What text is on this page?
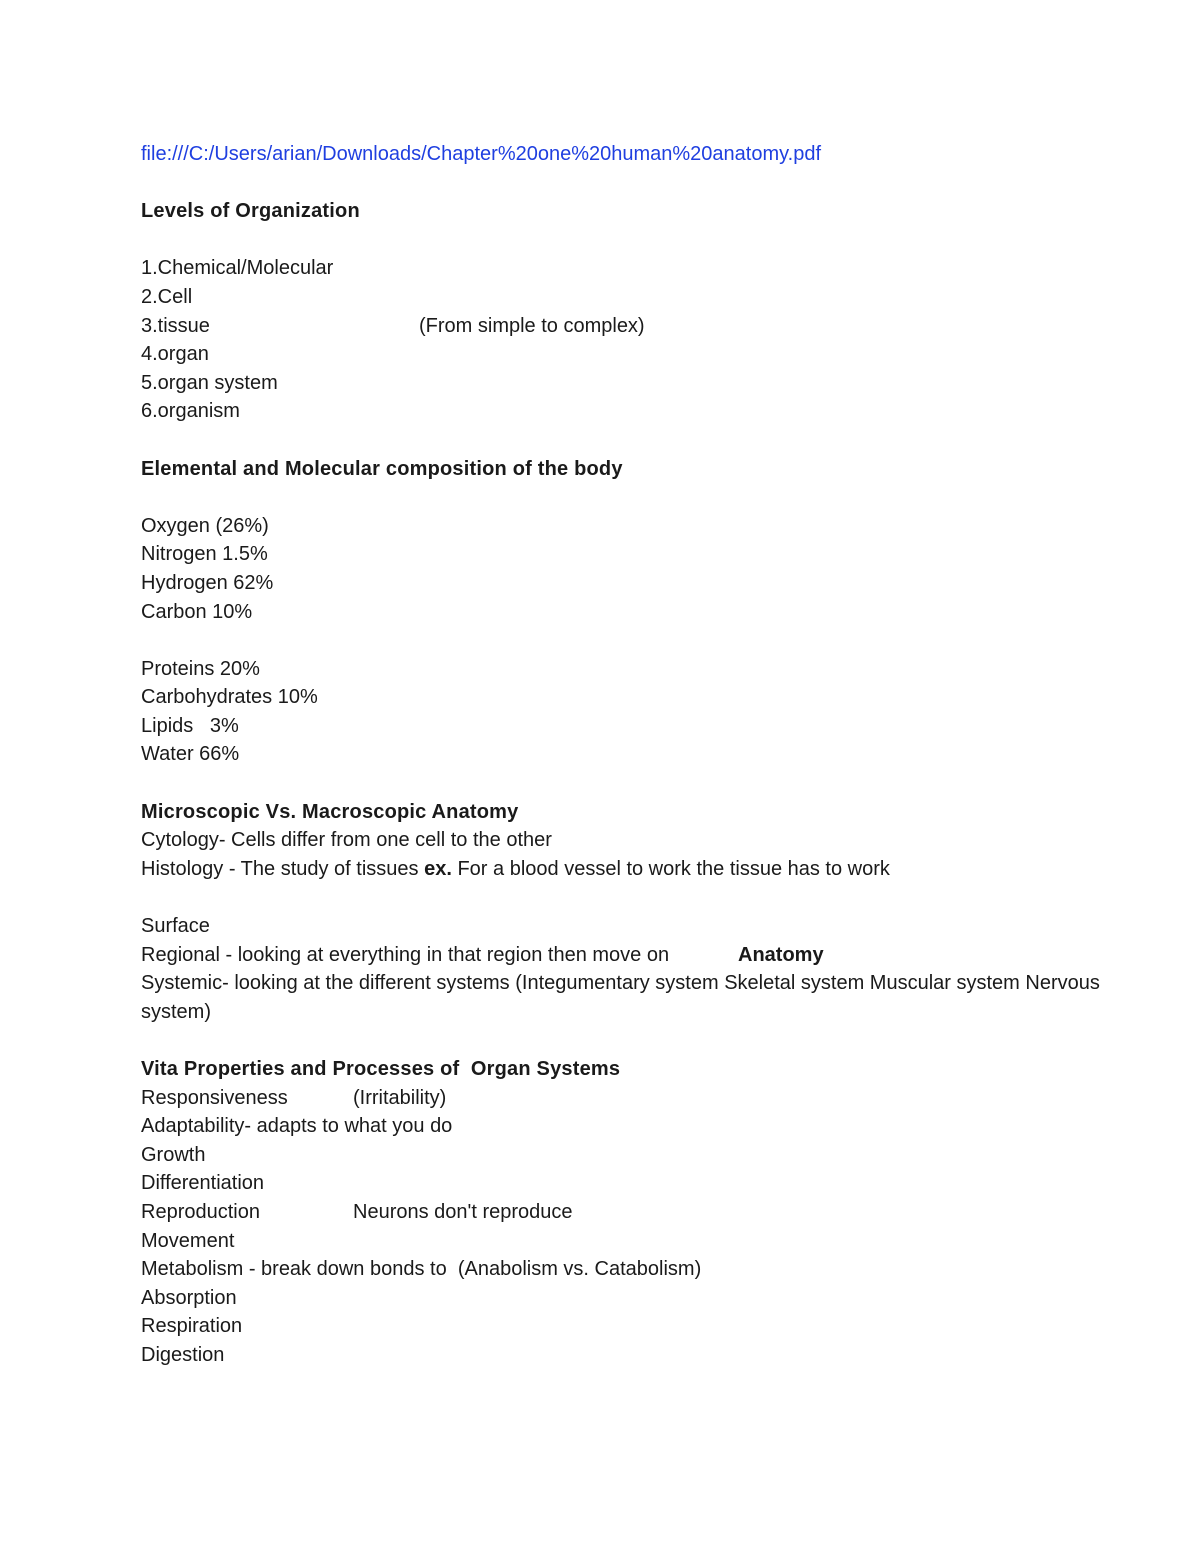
file:///C:/Users/arian/Downloads/Chapter%20one%20human%20anatomy.pdf
Levels of Organization
1.Chemical/Molecular
2.Cell
3.tissue	(From simple to complex)
4.organ
5.organ system
6.organism
Elemental and Molecular composition of the body
Oxygen (26%)
Nitrogen 1.5%
Hydrogen 62%
Carbon 10%
Proteins 20%
Carbohydrates 10%
Lipids   3%
Water 66%
Microscopic Vs. Macroscopic Anatomy
Cytology- Cells differ from one cell to the other
Histology - The study of tissues ex. For a blood vessel to work the tissue has to work
Surface
Regional - looking at everything in that region then move on	Anatomy
Systemic- looking at the different systems (Integumentary system Skeletal system Muscular system Nervous system)
Vita Properties and Processes of  Organ Systems
Responsiveness	(Irritability)
Adaptability- adapts to what you do
Growth
Differentiation
Reproduction	Neurons don't reproduce
Movement
Metabolism - break down bonds to  (Anabolism vs. Catabolism)
Absorption
Respiration
Digestion
